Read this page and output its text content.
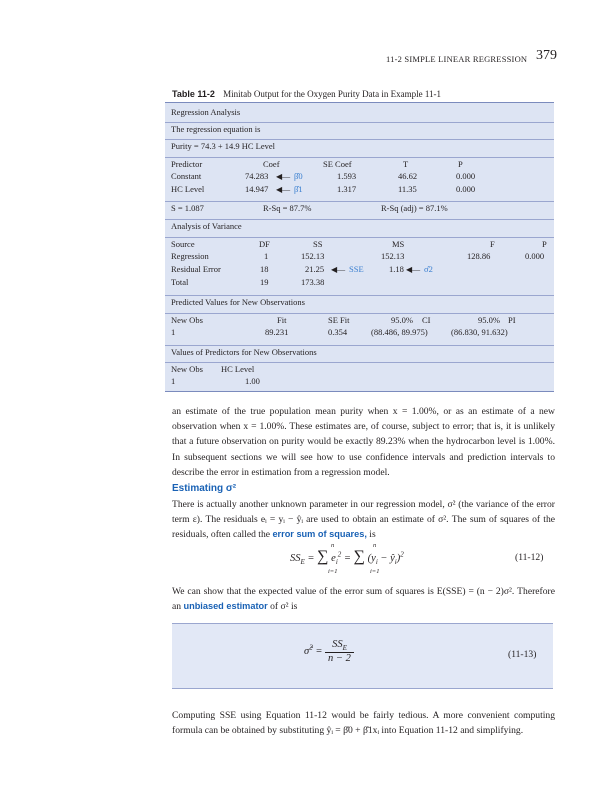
11-2 SIMPLE LINEAR REGRESSION 379
Table 11-2 Minitab Output for the Oxygen Purity Data in Example 11-1
Regression Analysis
The regression equation is
Purity = 74.3 + 14.9 HC Level
Predictor	Coef	SE Coef	T	P
Constant	74.283 ◀— β̂0	1.593	46.62	0.000
HC Level	14.947 ◀— β̂1	1.317	11.35	0.000
S = 1.087	R-Sq = 87.7%	R-Sq (adj) = 87.1%
Analysis of Variance
Source	DF	SS	MS	F	P
Regression	1	152.13	152.13	128.86	0.000
Residual Error	18	21.25 ◀— SSE	1.18 ◀— σ̂2
Total	19	173.38
Predicted Values for New Observations
New Obs	Fit	SE Fit	95.0% CI	95.0% PI
1	89.231	0.354	(88.486, 89.975)	(86.830, 91.632)
Values of Predictors for New Observations
New Obs HC Level
1	1.00
an estimate of the true population mean purity when x = 1.00%, or as an estimate of a new observation when x = 1.00%. These estimates are, of course, subject to error; that is, it is unlikely that a future observation on purity would be exactly 89.23% when the hydrocarbon level is 1.00%. In subsequent sections we will see how to use confidence intervals and prediction intervals to describe the error in estimation from a regression model.
Estimating σ²
There is actually another unknown parameter in our regression model, σ² (the variance of the error term ε). The residuals eᵢ = yᵢ − ŷᵢ are used to obtain an estimate of σ². The sum of squares of the residuals, often called the error sum of squares, is
$SS_E$ = ∑ $e_i^2$ = ∑ ($y_i$ − $ŷ_i)^2$
n
i=1
n
i=1
(11-12)
We can show that the expected value of the error sum of squares is E(SSE) = (n − 2)σ². Therefore an unbiased estimator of σ² is
σ̂$^2$ = $\frac{SS_E}{n - 2}$	(11-13)
Computing SSE using Equation 11-12 would be fairly tedious. A more convenient computing formula can be obtained by substituting ŷᵢ = β̂0 + β̂1xᵢ into Equation 11-12 and simplifying.
